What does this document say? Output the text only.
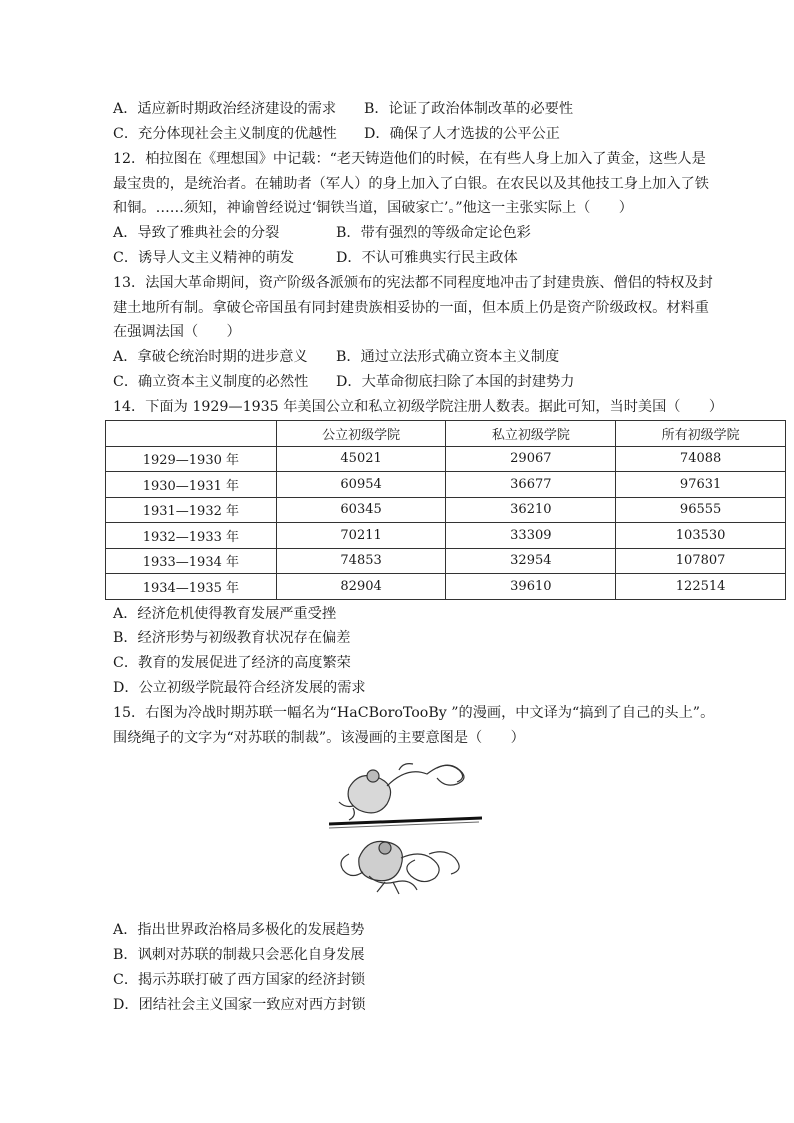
A．适应新时期政治经济建设的需求 B．论证了政治体制改革的必要性
C．充分体现社会主义制度的优越性 D．确保了人才选拔的公平公正
12．柏拉图在《理想国》中记载：“老天铸造他们的时候，在有些人身上加入了黄金，这些人是
最宝贵的，是统治者。在辅助者（军人）的身上加入了白银。在农民以及其他技工身上加入了铁
和铜。……须知，神谕曾经说过‘铜铁当道，国破家亡’。”他这一主张实际上（　　）
A．导致了雅典社会的分裂	B．带有强烈的等级命定论色彩
C．诱导人文主义精神的萌发	D．不认可雅典实行民主政体
13．法国大革命期间，资产阶级各派颁布的宪法都不同程度地冲击了封建贵族、僧侣的特权及封
建土地所有制。拿破仑帝国虽有同封建贵族相妥协的一面，但本质上仍是资产阶级政权。材料重
在强调法国（　　）
A．拿破仑统治时期的进步意义 B．通过立法形式确立资本主义制度
C．确立资本主义制度的必然性 D．大革命彻底扫除了本国的封建势力
14．下面为 1929—1935 年美国公立和私立初级学院注册人数表。据此可知，当时美国（　　）
	公立初级学院	私立初级学院	所有初级学院
1929—1930 年	45021	29067	74088
1930—1931 年	60954	36677	97631
1931—1932 年	60345	36210	96555
1932—1933 年	70211	33309	103530
1933—1934 年	74853	32954	107807
1934—1935 年	82904	39610	122514
A．经济危机使得教育发展严重受挫
B．经济形势与初级教育状况存在偏差
C．教育的发展促进了经济的高度繁荣
D．公立初级学院最符合经济发展的需求
15．右图为冷战时期苏联一幅名为“HaCBoroTooBy ”的漫画，中文译为“搞到了自己的头上”。
围绕绳子的文字为“对苏联的制裁”。该漫画的主要意图是（　　）
A．指出世界政治格局多极化的发展趋势
B．讽刺对苏联的制裁只会恶化自身发展
C．揭示苏联打破了西方国家的经济封锁
D．团结社会主义国家一致应对西方封锁
